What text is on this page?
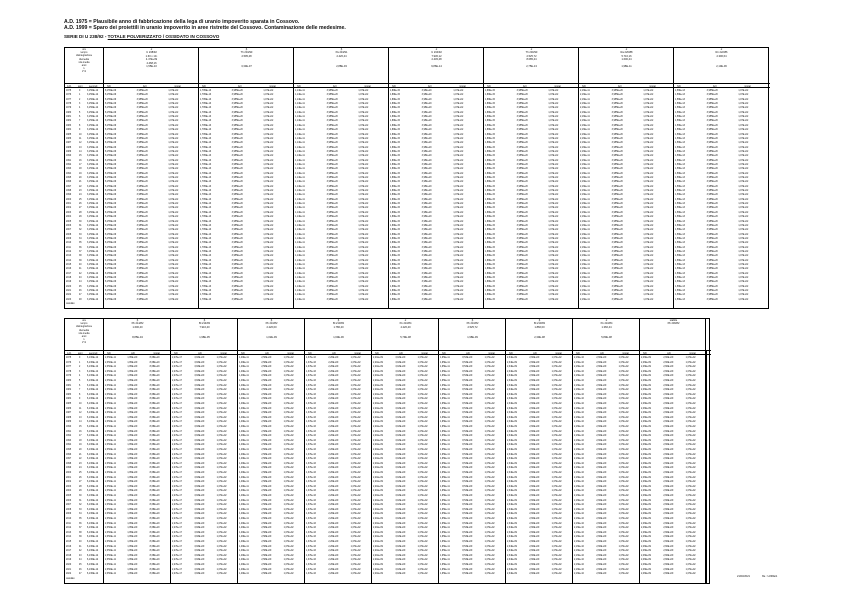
A.D. 1975 = Plausibile anno di fabbricazione della lega di uranio impoverito sparata in Cossovo.
A.D. 1999 = Sparo dei proiettili in uranio impoverito in aree ristrette del Cossovo. Contaminazione delle medesime.
SERIE DI U 238/92 - TOTALE POLVERIZZATO / OSSIDATO IN COSSOVO
ora
tempo
disintegrazione
tdemedia
vita media
anni
λ
n°/1
α
U 238/92
1.60 x 10⁹
4.47E+09
4.468,16
1,55E-10
β
Th 234/90
2.595,48

3,33E-07
β
Pa 234/91
2.426,44

2,88E-03
α
U 234/92
7.936,12
2.445,48

9,86E-14
α
Th 230/90
2.525,72
8.085,44

2,75E-13
α
Ra 226/88
5.716,16
1.600,44

1,98E-11
α
Rn 222/86
2.396,64

2,10E-06
A.D.	anni	secondi	N(t)	A(t)	/Ltotal	N(t)	A(t)	/Ltotal	N(t)	A(t)	/Ltotal	N(t)	A(t)	/Ltotal	N(t)	A(t)	/Ltotal	N(t)	A(t)	/Ltotal	N(t)	A(t)	/Ltotal
1975	0	3,156E+12	8,155E+09	3,955E+20	1,07E+02	1,795E+13	3,955E+20	1,07E+02	1,14E+11	3,955E+20	1,07E+02	1,88E+15	3,95E+20	1,07E+02	1,88E+15	3,955E+20	1,07E+02	2,16E+11	3,955E+20	1,07E+02	1,58E+13	3,955E+20	1,07E+02
1976	1	3,156E+12	8,155E+09	3,955E+20	1,07E+02	1,795E+13	3,955E+20	1,07E+02	1,14E+11	3,955E+20	1,07E+02	1,88E+15	3,95E+20	1,07E+02	1,88E+15	3,955E+20	1,07E+02	2,16E+11	3,955E+20	1,07E+02	1,58E+13	3,955E+20	1,07E+02
1977	2	3,156E+12	8,155E+09	3,955E+20	1,07E+02	1,795E+13	3,955E+20	1,07E+02	1,14E+11	3,955E+20	1,07E+02	1,88E+15	3,95E+20	1,07E+02	1,88E+15	3,955E+20	1,07E+02	2,16E+11	3,955E+20	1,07E+02	1,58E+13	3,955E+20	1,07E+02
1978	3	3,156E+12	8,155E+09	3,955E+20	1,07E+02	1,795E+13	3,955E+20	1,07E+02	1,14E+11	3,955E+20	1,07E+02	1,88E+15	3,95E+20	1,07E+02	1,88E+15	3,955E+20	1,07E+02	2,16E+11	3,955E+20	1,07E+02	1,58E+13	3,955E+20	1,07E+02
1979	4	3,156E+12	8,155E+09	3,955E+20	1,07E+02	1,795E+13	3,955E+20	1,07E+02	1,14E+11	3,955E+20	1,07E+02	1,88E+15	3,95E+20	1,07E+02	1,88E+15	3,955E+20	1,07E+02	2,16E+11	3,955E+20	1,07E+02	1,58E+13	3,955E+20	1,07E+02
1980	5	3,156E+12	8,155E+09	3,955E+20	1,07E+02	1,795E+13	3,955E+20	1,07E+02	1,14E+11	3,955E+20	1,07E+02	1,88E+15	3,95E+20	1,07E+02	1,88E+15	3,955E+20	1,07E+02	2,16E+11	3,955E+20	1,07E+02	1,58E+13	3,955E+20	1,07E+02
1981	6	3,156E+12	8,155E+09	3,955E+20	1,07E+02	1,795E+13	3,955E+20	1,07E+02	1,14E+11	3,955E+20	1,07E+02	1,88E+15	3,95E+20	1,07E+02	1,88E+15	3,955E+20	1,07E+02	2,16E+11	3,955E+20	1,07E+02	1,58E+13	3,955E+20	1,07E+02
1982	7	3,156E+12	8,155E+09	3,955E+20	1,07E+02	1,795E+13	3,955E+20	1,07E+02	1,14E+11	3,955E+20	1,07E+02	1,88E+15	3,95E+20	1,07E+02	1,88E+15	3,955E+20	1,07E+02	2,16E+11	3,955E+20	1,07E+02	1,58E+13	3,955E+20	1,07E+02
1983	8	3,156E+12	8,155E+09	3,955E+20	1,07E+02	1,795E+13	3,955E+20	1,07E+02	1,14E+11	3,955E+20	1,07E+02	1,88E+15	3,95E+20	1,07E+02	1,88E+15	3,955E+20	1,07E+02	2,16E+11	3,955E+20	1,07E+02	1,58E+13	3,955E+20	1,07E+02
1984	9	3,156E+12	8,155E+09	3,955E+20	1,07E+02	1,795E+13	3,955E+20	1,07E+02	1,14E+11	3,955E+20	1,07E+02	1,88E+15	3,95E+20	1,07E+02	1,88E+15	3,955E+20	1,07E+02	2,16E+11	3,955E+20	1,07E+02	1,58E+13	3,955E+20	1,07E+02
1985	10 3,156E+12	8,155E+09	3,955E+20	1,07E+02	1,795E+13	3,955E+20	1,07E+02	1,14E+11	3,955E+20	1,07E+02	1,88E+15	3,95E+20	1,07E+02	1,88E+15	3,955E+20	1,07E+02	2,16E+11	3,955E+20	1,07E+02	1,58E+13	3,955E+20	1,07E+02
1986	11 3,156E+12	8,155E+09	3,955E+20	1,07E+02	1,795E+13	3,955E+20	1,07E+02	1,14E+11	3,955E+20	1,07E+02	1,88E+15	3,95E+20	1,07E+02	1,88E+15	3,955E+20	1,07E+02	2,16E+11	3,955E+20	1,07E+02	1,58E+13	3,955E+20	1,07E+02
1987	12 3,156E+12	8,155E+09	3,955E+20	1,07E+02	1,795E+13	3,955E+20	1,07E+02	1,14E+11	3,955E+20	1,07E+02	1,88E+15	3,95E+20	1,07E+02	1,88E+15	3,955E+20	1,07E+02	2,16E+11	3,955E+20	1,07E+02	1,58E+13	3,955E+20	1,07E+02
1988	13 3,156E+12	8,155E+09	3,955E+20	1,07E+02	1,795E+13	3,955E+20	1,07E+02	1,14E+11	3,955E+20	1,07E+02	1,88E+15	3,95E+20	1,07E+02	1,88E+15	3,955E+20	1,07E+02	2,16E+11	3,955E+20	1,07E+02	1,58E+13	3,955E+20	1,07E+02
1989	14 3,156E+12	8,155E+09	3,955E+20	1,07E+02	1,795E+13	3,955E+20	1,07E+02	1,14E+11	3,955E+20	1,07E+02	1,88E+15	3,95E+20	1,07E+02	1,88E+15	3,955E+20	1,07E+02	2,16E+11	3,955E+20	1,07E+02	1,58E+13	3,955E+20	1,07E+02
1990	15 3,156E+12	8,155E+09	3,955E+20	1,07E+02	1,795E+13	3,955E+20	1,07E+02	1,14E+11	3,955E+20	1,07E+02	1,88E+15	3,95E+20	1,07E+02	1,88E+15	3,955E+20	1,07E+02	2,16E+11	3,955E+20	1,07E+02	1,58E+13	3,955E+20	1,07E+02
1991	16 3,156E+12	8,155E+09	3,955E+20	1,07E+02	1,795E+13	3,955E+20	1,07E+02	1,14E+11	3,955E+20	1,07E+02	1,88E+15	3,95E+20	1,07E+02	1,88E+15	3,955E+20	1,07E+02	2,16E+11	3,955E+20	1,07E+02	1,58E+13	3,955E+20	1,07E+02
1992	17 3,156E+12	8,155E+09	3,955E+20	1,07E+02	1,795E+13	3,955E+20	1,07E+02	1,14E+11	3,955E+20	1,07E+02	1,88E+15	3,95E+20	1,07E+02	1,88E+15	3,955E+20	1,07E+02	2,16E+11	3,955E+20	1,07E+02	1,58E+13	3,955E+20	1,07E+02
1993	18 3,156E+12	8,155E+09	3,955E+20	1,07E+02	1,795E+13	3,955E+20	1,07E+02	1,14E+11	3,955E+20	1,07E+02	1,88E+15	3,95E+20	1,07E+02	1,88E+15	3,955E+20	1,07E+02	2,16E+11	3,955E+20	1,07E+02	1,58E+13	3,955E+20	1,07E+02
1994	19 3,156E+12	8,155E+09	3,955E+20	1,07E+02	1,795E+13	3,955E+20	1,07E+02	1,14E+11	3,955E+20	1,07E+02	1,88E+15	3,95E+20	1,07E+02	1,88E+15	3,955E+20	1,07E+02	2,16E+11	3,955E+20	1,07E+02	1,58E+13	3,955E+20	1,07E+02
1995	20 3,156E+12	8,155E+09	3,955E+20	1,07E+02	1,795E+13	3,955E+20	1,07E+02	1,14E+11	3,955E+20	1,07E+02	1,88E+15	3,95E+20	1,07E+02	1,88E+15	3,955E+20	1,07E+02	2,16E+11	3,955E+20	1,07E+02	1,58E+13	3,955E+20	1,07E+02
1996	21 3,156E+12	8,155E+09	3,955E+20	1,07E+02	1,795E+13	3,955E+20	1,07E+02	1,14E+11	3,955E+20	1,07E+02	1,88E+15	3,95E+20	1,07E+02	1,88E+15	3,955E+20	1,07E+02	2,16E+11	3,955E+20	1,07E+02	1,58E+13	3,955E+20	1,07E+02
1997	22 3,156E+12	8,155E+09	3,955E+20	1,07E+02	1,795E+13	3,955E+20	1,07E+02	1,14E+11	3,955E+20	1,07E+02	1,88E+15	3,95E+20	1,07E+02	1,88E+15	3,955E+20	1,07E+02	2,16E+11	3,955E+20	1,07E+02	1,58E+13	3,955E+20	1,07E+02
1998	23 3,156E+12	8,155E+09	3,955E+20	1,07E+02	1,795E+13	3,955E+20	1,07E+02	1,14E+11	3,955E+20	1,07E+02	1,88E+15	3,95E+20	1,07E+02	1,88E+15	3,955E+20	1,07E+02	2,16E+11	3,955E+20	1,07E+02	1,58E+13	3,955E+20	1,07E+02
1999	24 3,156E+12	8,155E+09	3,955E+20	1,07E+02	1,795E+13	3,955E+20	1,07E+02	1,14E+11	3,955E+20	1,07E+02	1,88E+15	3,95E+20	1,07E+02	1,88E+15	3,955E+20	1,07E+02	2,16E+11	3,955E+20	1,07E+02	1,58E+13	3,955E+20	1,07E+02
2000	25 3,156E+12	8,155E+09	3,955E+20	1,07E+02	1,795E+13	3,955E+20	1,07E+02	1,14E+11	3,955E+20	1,07E+02	1,88E+15	3,95E+20	1,07E+02	1,88E+15	3,955E+20	1,07E+02	2,16E+11	3,955E+20	1,07E+02	1,58E+13	3,955E+20	1,07E+02
2001	26 3,156E+12	8,155E+09	3,955E+20	1,07E+02	1,795E+13	3,955E+20	1,07E+02	1,14E+11	3,955E+20	1,07E+02	1,88E+15	3,95E+20	1,07E+02	1,88E+15	3,955E+20	1,07E+02	2,16E+11	3,955E+20	1,07E+02	1,58E+13	3,955E+20	1,07E+02
2002	27 3,156E+12	8,155E+09	3,955E+20	1,07E+02	1,795E+13	3,955E+20	1,07E+02	1,14E+11	3,955E+20	1,07E+02	1,88E+15	3,95E+20	1,07E+02	1,88E+15	3,955E+20	1,07E+02	2,16E+11	3,955E+20	1,07E+02	1,58E+13	3,955E+20	1,07E+02
2003	28 3,156E+12	8,155E+09	3,955E+20	1,07E+02	1,795E+13	3,955E+20	1,07E+02	1,14E+11	3,955E+20	1,07E+02	1,88E+15	3,95E+20	1,07E+02	1,88E+15	3,955E+20	1,07E+02	2,16E+11	3,955E+20	1,07E+02	1,58E+13	3,955E+20	1,07E+02
2004	29 3,156E+12	8,155E+09	3,955E+20	1,07E+02	1,795E+13	3,955E+20	1,07E+02	1,14E+11	3,955E+20	1,07E+02	1,88E+15	3,95E+20	1,07E+02	1,88E+15	3,955E+20	1,07E+02	2,16E+11	3,955E+20	1,07E+02	1,58E+13	3,955E+20	1,07E+02
2005	30 3,156E+12	8,155E+09	3,955E+20	1,07E+02	1,795E+13	3,955E+20	1,07E+02	1,14E+11	3,955E+20	1,07E+02	1,88E+15	3,95E+20	1,07E+02	1,88E+15	3,955E+20	1,07E+02	2,16E+11	3,955E+20	1,07E+02	1,58E+13	3,955E+20	1,07E+02
2006	31 3,156E+12	8,155E+09	3,955E+20	1,07E+02	1,795E+13	3,955E+20	1,07E+02	1,14E+11	3,955E+20	1,07E+02	1,88E+15	3,95E+20	1,07E+02	1,88E+15	3,955E+20	1,07E+02	2,16E+11	3,955E+20	1,07E+02	1,58E+13	3,955E+20	1,07E+02
2007	32 3,156E+12	8,155E+09	3,955E+20	1,07E+02	1,795E+13	3,955E+20	1,07E+02	1,14E+11	3,955E+20	1,07E+02	1,88E+15	3,95E+20	1,07E+02	1,88E+15	3,955E+20	1,07E+02	2,16E+11	3,955E+20	1,07E+02	1,58E+13	3,955E+20	1,07E+02
2008	33 3,156E+12	8,155E+09	3,955E+20	1,07E+02	1,795E+13	3,955E+20	1,07E+02	1,14E+11	3,955E+20	1,07E+02	1,88E+15	3,95E+20	1,07E+02	1,88E+15	3,955E+20	1,07E+02	2,16E+11	3,955E+20	1,07E+02	1,58E+13	3,955E+20	1,07E+02
2009	34 3,156E+12	8,155E+09	3,955E+20	1,07E+02	1,795E+13	3,955E+20	1,07E+02	1,14E+11	3,955E+20	1,07E+02	1,88E+15	3,95E+20	1,07E+02	1,88E+15	3,955E+20	1,07E+02	2,16E+11	3,955E+20	1,07E+02	1,58E+13	3,955E+20	1,07E+02
2010	35 3,156E+12	8,155E+09	3,955E+20	1,07E+02	1,795E+13	3,955E+20	1,07E+02	1,14E+11	3,955E+20	1,07E+02	1,88E+15	3,95E+20	1,07E+02	1,88E+15	3,955E+20	1,07E+02	2,16E+11	3,955E+20	1,07E+02	1,58E+13	3,955E+20	1,07E+02
2011	36 3,156E+12	8,155E+09	3,955E+20	1,07E+02	1,795E+13	3,955E+20	1,07E+02	1,14E+11	3,955E+20	1,07E+02	1,88E+15	3,95E+20	1,07E+02	1,88E+15	3,955E+20	1,07E+02	2,16E+11	3,955E+20	1,07E+02	1,58E+13	3,955E+20	1,07E+02
2012	37 3,156E+12	8,155E+09	3,955E+20	1,07E+02	1,795E+13	3,955E+20	1,07E+02	1,14E+11	3,955E+20	1,07E+02	1,88E+15	3,95E+20	1,07E+02	1,88E+15	3,955E+20	1,07E+02	2,16E+11	3,955E+20	1,07E+02	1,58E+13	3,955E+20	1,07E+02
2013	38 3,156E+12	8,155E+09	3,955E+20	1,07E+02	1,795E+13	3,955E+20	1,07E+02	1,14E+11	3,955E+20	1,07E+02	1,88E+15	3,95E+20	1,07E+02	1,88E+15	3,955E+20	1,07E+02	2,16E+11	3,955E+20	1,07E+02	1,58E+13	3,955E+20	1,07E+02
2014	39 3,156E+12	8,155E+09	3,955E+20	1,07E+02	1,795E+13	3,955E+20	1,07E+02	1,14E+11	3,955E+20	1,07E+02	1,88E+15	3,95E+20	1,07E+02	1,88E+15	3,955E+20	1,07E+02	2,16E+11	3,955E+20	1,07E+02	1,58E+13	3,955E+20	1,07E+02
2015	40 3,156E+12	8,155E+09	3,955E+20	1,07E+02	1,795E+13	3,955E+20	1,07E+02	1,14E+11	3,955E+20	1,07E+02	1,88E+15	3,95E+20	1,07E+02	1,88E+15	3,955E+20	1,07E+02	2,16E+11	3,955E+20	1,07E+02	1,58E+13	3,955E+20	1,07E+02
2016	41 3,156E+12	8,155E+09	3,955E+20	1,07E+02	1,795E+13	3,955E+20	1,07E+02	1,14E+11	3,955E+20	1,07E+02	1,88E+15	3,95E+20	1,07E+02	1,88E+15	3,955E+20	1,07E+02	2,16E+11	3,955E+20	1,07E+02	1,58E+13	3,955E+20	1,07E+02
2017	42 3,156E+12	8,155E+09	3,955E+20	1,07E+02	1,795E+13	3,955E+20	1,07E+02	1,14E+11	3,955E+20	1,07E+02	1,88E+15	3,95E+20	1,07E+02	1,88E+15	3,955E+20	1,07E+02	2,16E+11	3,955E+20	1,07E+02	1,58E+13	3,955E+20	1,07E+02
2018	43 3,156E+12	8,155E+09	3,955E+20	1,07E+02	1,795E+13	3,955E+20	1,07E+02	1,14E+11	3,955E+20	1,07E+02	1,88E+15	3,95E+20	1,07E+02	1,88E+15	3,955E+20	1,07E+02	2,16E+11	3,955E+20	1,07E+02	1,58E+13	3,955E+20	1,07E+02
2019	44 3,156E+12	8,155E+09	3,955E+20	1,07E+02	1,795E+13	3,955E+20	1,07E+02	1,14E+11	3,955E+20	1,07E+02	1,88E+15	3,95E+20	1,07E+02	1,88E+15	3,955E+20	1,07E+02	2,16E+11	3,955E+20	1,07E+02	1,58E+13	3,955E+20	1,07E+02
2020	45 3,156E+12	8,155E+09	3,955E+20	1,07E+02	1,795E+13	3,955E+20	1,07E+02	1,14E+11	3,955E+20	1,07E+02	1,88E+15	3,95E+20	1,07E+02	1,88E+15	3,955E+20	1,07E+02	2,16E+11	3,955E+20	1,07E+02	1,58E+13	3,955E+20	1,07E+02
2021	46 3,156E+12	8,155E+09	3,955E+20	1,07E+02	1,795E+13	3,955E+20	1,07E+02	1,14E+11	3,955E+20	1,07E+02	1,88E+15	3,95E+20	1,07E+02	1,88E+15	3,955E+20	1,07E+02	2,16E+11	3,955E+20	1,07E+02	1,58E+13	3,955E+20	1,07E+02
2022	47 3,156E+12	8,155E+09	3,955E+20	1,07E+02	1,795E+13	3,955E+20	1,07E+02	1,14E+11	3,955E+20	1,07E+02	1,88E+15	3,95E+20	1,07E+02	1,88E+15	3,955E+20	1,07E+02	2,16E+11	3,955E+20	1,07E+02	1,58E+13	3,955E+20	1,07E+02
2023	48 3,156E+12	8,155E+09	3,955E+20	1,07E+02	1,795E+13	3,955E+20	1,07E+02	1,14E+11	3,955E+20	1,07E+02	1,88E+15	3,95E+20	1,07E+02	1,88E+15	3,955E+20	1,07E+02	2,16E+11	3,955E+20	1,07E+02	1,58E+13	3,955E+20	1,07E+02
ossidato
ora
tempo
disintegrazione
tdemedia
vita media
anni
λ
n°/1
β
Pb 214/82
1.600,40

8,85E-04
β
Bi 214/83
7.916,40

1,98E-05
β
Pb 210/82
2.226,00

1,02E-09
β
Bi 210/83
1.786,40

1,60E-06
α
Po 210/84
4.226,40

5,79E-08
β
Pb 210/82
2.525,72

1,98E-09
β
Bi 210/83
1.866,00

2,30E-08
α
Po 210/84
1.366,44

5,80E-08
stabile
Pb 206/82

A.D.	anni	secondi	N(t)	A(t)	/Ltotal	N(t)	A(t)	/Ltotal	N(t)	A(t)	/Ltotal	N(t)	A(t)	/Ltotal	N(t)	A(t)	/Ltotal	N(t)	A(t)	/Ltotal	N(t)	A(t)	/Ltotal	N(t)	A(t)	/Ltotal	N(t)	A(t)	/Ltotal
1975	0	6,136E+12	2,350E+11	1,95E+09	8,68E+20	2,27E+17	3,93E+09	1,07E+02	1,49E+11	2,58E+09	1,07E+02	1,37E+16	2,26E+09	1,07E+02	2,21E+09	3,18E+09	1,07E+02	1,95E+11	8,53E+09	1,07E+02	2,34E+09	2,66E+09	1,07E+02	2,16E+10	2,66E+09	1,07E+02	2,46E+09	2,66E+09	1,07E+02
1976	1	6,136E+12	2,350E+11	1,95E+09	8,68E+20	2,27E+17	3,93E+09	1,07E+02	1,49E+11	2,58E+09	1,07E+02	1,37E+16	2,26E+09	1,07E+02	2,21E+09	3,18E+09	1,07E+02	1,95E+11	8,53E+09	1,07E+02	2,34E+09	2,66E+09	1,07E+02	2,16E+10	2,66E+09	1,07E+02	2,46E+09	2,66E+09	1,07E+02
1977	2	6,136E+12	2,350E+11	1,95E+09	8,68E+20	2,27E+17	3,93E+09	1,07E+02	1,49E+11	2,58E+09	1,07E+02	1,37E+16	2,26E+09	1,07E+02	2,21E+09	3,18E+09	1,07E+02	1,95E+11	8,53E+09	1,07E+02	2,34E+09	2,66E+09	1,07E+02	2,16E+10	2,66E+09	1,07E+02	2,46E+09	2,66E+09	1,07E+02
1978	3	6,136E+12	2,350E+11	1,95E+09	8,68E+20	2,27E+17	3,93E+09	1,07E+02	1,49E+11	2,58E+09	1,07E+02	1,37E+16	2,26E+09	1,07E+02	2,21E+09	3,18E+09	1,07E+02	1,95E+11	8,53E+09	1,07E+02	2,34E+09	2,66E+09	1,07E+02	2,16E+10	2,66E+09	1,07E+02	2,46E+09	2,66E+09	1,07E+02
1979	4	6,136E+12	2,350E+11	1,95E+09	8,68E+20	2,27E+17	3,93E+09	1,07E+02	1,49E+11	2,58E+09	1,07E+02	1,37E+16	2,26E+09	1,07E+02	2,21E+09	3,18E+09	1,07E+02	1,95E+11	8,53E+09	1,07E+02	2,34E+09	2,66E+09	1,07E+02	2,16E+10	2,66E+09	1,07E+02	2,46E+09	2,66E+09	1,07E+02
1980	5	6,136E+12	2,350E+11	1,95E+09	8,68E+20	2,27E+17	3,93E+09	1,07E+02	1,49E+11	2,58E+09	1,07E+02	1,37E+16	2,26E+09	1,07E+02	2,21E+09	3,18E+09	1,07E+02	1,95E+11	8,53E+09	1,07E+02	2,34E+09	2,66E+09	1,07E+02	2,16E+10	2,66E+09	1,07E+02	2,46E+09	2,66E+09	1,07E+02
1981	6	6,136E+12	2,350E+11	1,95E+09	8,68E+20	2,27E+17	3,93E+09	1,07E+02	1,49E+11	2,58E+09	1,07E+02	1,37E+16	2,26E+09	1,07E+02	2,21E+09	3,18E+09	1,07E+02	1,95E+11	8,53E+09	1,07E+02	2,34E+09	2,66E+09	1,07E+02	2,16E+10	2,66E+09	1,07E+02	2,46E+09	2,66E+09	1,07E+02
1982	7	6,136E+12	2,350E+11	1,95E+09	8,68E+20	2,27E+17	3,93E+09	1,07E+02	1,49E+11	2,58E+09	1,07E+02	1,37E+16	2,26E+09	1,07E+02	2,21E+09	3,18E+09	1,07E+02	1,95E+11	8,53E+09	1,07E+02	2,34E+09	2,66E+09	1,07E+02	2,16E+10	2,66E+09	1,07E+02	2,46E+09	2,66E+09	1,07E+02
1983	8	6,136E+12	2,350E+11	1,95E+09	8,68E+20	2,27E+17	3,93E+09	1,07E+02	1,49E+11	2,58E+09	1,07E+02	1,37E+16	2,26E+09	1,07E+02	2,21E+09	3,18E+09	1,07E+02	1,95E+11	8,53E+09	1,07E+02	2,34E+09	2,66E+09	1,07E+02	2,16E+10	2,66E+09	1,07E+02	2,46E+09	2,66E+09	1,07E+02
1984	9	6,136E+12	2,350E+11	1,95E+09	8,68E+20	2,27E+17	3,93E+09	1,07E+02	1,49E+11	2,58E+09	1,07E+02	1,37E+16	2,26E+09	1,07E+02	2,21E+09	3,18E+09	1,07E+02	1,95E+11	8,53E+09	1,07E+02	2,34E+09	2,66E+09	1,07E+02	2,16E+10	2,66E+09	1,07E+02	2,46E+09	2,66E+09	1,07E+02
1985	10 6,136E+12	2,350E+11	1,95E+09	8,68E+20	2,27E+17	3,93E+09	1,07E+02	1,49E+11	2,58E+09	1,07E+02	1,37E+16	2,26E+09	1,07E+02	2,21E+09	3,18E+09	1,07E+02	1,95E+11	8,53E+09	1,07E+02	2,34E+09	2,66E+09	1,07E+02	2,16E+10	2,66E+09	1,07E+02	2,46E+09	2,66E+09	1,07E+02
1986	11 6,136E+12	2,350E+11	1,95E+09	8,68E+20	2,27E+17	3,93E+09	1,07E+02	1,49E+11	2,58E+09	1,07E+02	1,37E+16	2,26E+09	1,07E+02	2,21E+09	3,18E+09	1,07E+02	1,95E+11	8,53E+09	1,07E+02	2,34E+09	2,66E+09	1,07E+02	2,16E+10	2,66E+09	1,07E+02	2,46E+09	2,66E+09	1,07E+02
1987	12 6,136E+12	2,350E+11	1,95E+09	8,68E+20	2,27E+17	3,93E+09	1,07E+02	1,49E+11	2,58E+09	1,07E+02	1,37E+16	2,26E+09	1,07E+02	2,21E+09	3,18E+09	1,07E+02	1,95E+11	8,53E+09	1,07E+02	2,34E+09	2,66E+09	1,07E+02	2,16E+10	2,66E+09	1,07E+02	2,46E+09	2,66E+09	1,07E+02
1988	13 6,136E+12	2,350E+11	1,95E+09	8,68E+20	2,27E+17	3,93E+09	1,07E+02	1,49E+11	2,58E+09	1,07E+02	1,37E+16	2,26E+09	1,07E+02	2,21E+09	3,18E+09	1,07E+02	1,95E+11	8,53E+09	1,07E+02	2,34E+09	2,66E+09	1,07E+02	2,16E+10	2,66E+09	1,07E+02	2,46E+09	2,66E+09	1,07E+02
1989	14 6,136E+12	2,350E+11	1,95E+09	8,68E+20	2,27E+17	3,93E+09	1,07E+02	1,49E+11	2,58E+09	1,07E+02	1,37E+16	2,26E+09	1,07E+02	2,21E+09	3,18E+09	1,07E+02	1,95E+11	8,53E+09	1,07E+02	2,34E+09	2,66E+09	1,07E+02	2,16E+10	2,66E+09	1,07E+02	2,46E+09	2,66E+09	1,07E+02
1990	15 6,136E+12	2,350E+11	1,95E+09	8,68E+20	2,27E+17	3,93E+09	1,07E+02	1,49E+11	2,58E+09	1,07E+02	1,37E+16	2,26E+09	1,07E+02	2,21E+09	3,18E+09	1,07E+02	1,95E+11	8,53E+09	1,07E+02	2,34E+09	2,66E+09	1,07E+02	2,16E+10	2,66E+09	1,07E+02	2,46E+09	2,66E+09	1,07E+02
1991	16 6,136E+12	2,350E+11	1,95E+09	8,68E+20	2,27E+17	3,93E+09	1,07E+02	1,49E+11	2,58E+09	1,07E+02	1,37E+16	2,26E+09	1,07E+02	2,21E+09	3,18E+09	1,07E+02	1,95E+11	8,53E+09	1,07E+02	2,34E+09	2,66E+09	1,07E+02	2,16E+10	2,66E+09	1,07E+02	2,46E+09	2,66E+09	1,07E+02
1992	17 6,136E+12	2,350E+11	1,95E+09	8,68E+20	2,27E+17	3,93E+09	1,07E+02	1,49E+11	2,58E+09	1,07E+02	1,37E+16	2,26E+09	1,07E+02	2,21E+09	3,18E+09	1,07E+02	1,95E+11	8,53E+09	1,07E+02	2,34E+09	2,66E+09	1,07E+02	2,16E+10	2,66E+09	1,07E+02	2,46E+09	2,66E+09	1,07E+02
1993	18 6,136E+12	2,350E+11	1,95E+09	8,68E+20	2,27E+17	3,93E+09	1,07E+02	1,49E+11	2,58E+09	1,07E+02	1,37E+16	2,26E+09	1,07E+02	2,21E+09	3,18E+09	1,07E+02	1,95E+11	8,53E+09	1,07E+02	2,34E+09	2,66E+09	1,07E+02	2,16E+10	2,66E+09	1,07E+02	2,46E+09	2,66E+09	1,07E+02
1994	19 6,136E+12	2,350E+11	1,95E+09	8,68E+20	2,27E+17	3,93E+09	1,07E+02	1,49E+11	2,58E+09	1,07E+02	1,37E+16	2,26E+09	1,07E+02	2,21E+09	3,18E+09	1,07E+02	1,95E+11	8,53E+09	1,07E+02	2,34E+09	2,66E+09	1,07E+02	2,16E+10	2,66E+09	1,07E+02	2,46E+09	2,66E+09	1,07E+02
1995	20 6,136E+12	2,350E+11	1,95E+09	8,68E+20	2,27E+17	3,93E+09	1,07E+02	1,49E+11	2,58E+09	1,07E+02	1,37E+16	2,26E+09	1,07E+02	2,21E+09	3,18E+09	1,07E+02	1,95E+11	8,53E+09	1,07E+02	2,34E+09	2,66E+09	1,07E+02	2,16E+10	2,66E+09	1,07E+02	2,46E+09	2,66E+09	1,07E+02
1996	21 6,136E+12	2,350E+11	1,95E+09	8,68E+20	2,27E+17	3,93E+09	1,07E+02	1,49E+11	2,58E+09	1,07E+02	1,37E+16	2,26E+09	1,07E+02	2,21E+09	3,18E+09	1,07E+02	1,95E+11	8,53E+09	1,07E+02	2,34E+09	2,66E+09	1,07E+02	2,16E+10	2,66E+09	1,07E+02	2,46E+09	2,66E+09	1,07E+02
1997	22 6,136E+12	2,350E+11	1,95E+09	8,68E+20	2,27E+17	3,93E+09	1,07E+02	1,49E+11	2,58E+09	1,07E+02	1,37E+16	2,26E+09	1,07E+02	2,21E+09	3,18E+09	1,07E+02	1,95E+11	8,53E+09	1,07E+02	2,34E+09	2,66E+09	1,07E+02	2,16E+10	2,66E+09	1,07E+02	2,46E+09	2,66E+09	1,07E+02
1998	23 6,136E+12	2,350E+11	1,95E+09	8,68E+20	2,27E+17	3,93E+09	1,07E+02	1,49E+11	2,58E+09	1,07E+02	1,37E+16	2,26E+09	1,07E+02	2,21E+09	3,18E+09	1,07E+02	1,95E+11	8,53E+09	1,07E+02	2,34E+09	2,66E+09	1,07E+02	2,16E+10	2,66E+09	1,07E+02	2,46E+09	2,66E+09	1,07E+02
1999	24 6,136E+12	2,350E+11	1,95E+09	8,68E+20	2,27E+17	3,93E+09	1,07E+02	1,49E+11	2,58E+09	1,07E+02	1,37E+16	2,26E+09	1,07E+02	2,21E+09	3,18E+09	1,07E+02	1,95E+11	8,53E+09	1,07E+02	2,34E+09	2,66E+09	1,07E+02	2,16E+10	2,66E+09	1,07E+02	2,46E+09	2,66E+09	1,07E+02
2000	25 6,136E+12	2,350E+11	1,95E+09	8,68E+20	2,27E+17	3,93E+09	1,07E+02	1,49E+11	2,58E+09	1,07E+02	1,37E+16	2,26E+09	1,07E+02	2,21E+09	3,18E+09	1,07E+02	1,95E+11	8,53E+09	1,07E+02	2,34E+09	2,66E+09	1,07E+02	2,16E+10	2,66E+09	1,07E+02	2,46E+09	2,66E+09	1,07E+02
2001	26 6,136E+12	2,350E+11	1,95E+09	8,68E+20	2,27E+17	3,93E+09	1,07E+02	1,49E+11	2,58E+09	1,07E+02	1,37E+16	2,26E+09	1,07E+02	2,21E+09	3,18E+09	1,07E+02	1,95E+11	8,53E+09	1,07E+02	2,34E+09	2,66E+09	1,07E+02	2,16E+10	2,66E+09	1,07E+02	2,46E+09	2,66E+09	1,07E+02
2002	27 6,136E+12	2,350E+11	1,95E+09	8,68E+20	2,27E+17	3,93E+09	1,07E+02	1,49E+11	2,58E+09	1,07E+02	1,37E+16	2,26E+09	1,07E+02	2,21E+09	3,18E+09	1,07E+02	1,95E+11	8,53E+09	1,07E+02	2,34E+09	2,66E+09	1,07E+02	2,16E+10	2,66E+09	1,07E+02	2,46E+09	2,66E+09	1,07E+02
2003	28 6,136E+12	2,350E+11	1,95E+09	8,68E+20	2,27E+17	3,93E+09	1,07E+02	1,49E+11	2,58E+09	1,07E+02	1,37E+16	2,26E+09	1,07E+02	2,21E+09	3,18E+09	1,07E+02	1,95E+11	8,53E+09	1,07E+02	2,34E+09	2,66E+09	1,07E+02	2,16E+10	2,66E+09	1,07E+02	2,46E+09	2,66E+09	1,07E+02
2004	29 6,136E+12	2,350E+11	1,95E+09	8,68E+20	2,27E+17	3,93E+09	1,07E+02	1,49E+11	2,58E+09	1,07E+02	1,37E+16	2,26E+09	1,07E+02	2,21E+09	3,18E+09	1,07E+02	1,95E+11	8,53E+09	1,07E+02	2,34E+09	2,66E+09	1,07E+02	2,16E+10	2,66E+09	1,07E+02	2,46E+09	2,66E+09	1,07E+02
2005	30 6,136E+12	2,350E+11	1,95E+09	8,68E+20	2,27E+17	3,93E+09	1,07E+02	1,49E+11	2,58E+09	1,07E+02	1,37E+16	2,26E+09	1,07E+02	2,21E+09	3,18E+09	1,07E+02	1,95E+11	8,53E+09	1,07E+02	2,34E+09	2,66E+09	1,07E+02	2,16E+10	2,66E+09	1,07E+02	2,46E+09	2,66E+09	1,07E+02
2006	31 6,136E+12	2,350E+11	1,95E+09	8,68E+20	2,27E+17	3,93E+09	1,07E+02	1,49E+11	2,58E+09	1,07E+02	1,37E+16	2,26E+09	1,07E+02	2,21E+09	3,18E+09	1,07E+02	1,95E+11	8,53E+09	1,07E+02	2,34E+09	2,66E+09	1,07E+02	2,16E+10	2,66E+09	1,07E+02	2,46E+09	2,66E+09	1,07E+02
2007	32 6,136E+12	2,350E+11	1,95E+09	8,68E+20	2,27E+17	3,93E+09	1,07E+02	1,49E+11	2,58E+09	1,07E+02	1,37E+16	2,26E+09	1,07E+02	2,21E+09	3,18E+09	1,07E+02	1,95E+11	8,53E+09	1,07E+02	2,34E+09	2,66E+09	1,07E+02	2,16E+10	2,66E+09	1,07E+02	2,46E+09	2,66E+09	1,07E+02
2008	33 6,136E+12	2,350E+11	1,95E+09	8,68E+20	2,27E+17	3,93E+09	1,07E+02	1,49E+11	2,58E+09	1,07E+02	1,37E+16	2,26E+09	1,07E+02	2,21E+09	3,18E+09	1,07E+02	1,95E+11	8,53E+09	1,07E+02	2,34E+09	2,66E+09	1,07E+02	2,16E+10	2,66E+09	1,07E+02	2,46E+09	2,66E+09	1,07E+02
2009	34 6,136E+12	2,350E+11	1,95E+09	8,68E+20	2,27E+17	3,93E+09	1,07E+02	1,49E+11	2,58E+09	1,07E+02	1,37E+16	2,26E+09	1,07E+02	2,21E+09	3,18E+09	1,07E+02	1,95E+11	8,53E+09	1,07E+02	2,34E+09	2,66E+09	1,07E+02	2,16E+10	2,66E+09	1,07E+02	2,46E+09	2,66E+09	1,07E+02
2010	35 6,136E+12	2,350E+11	1,95E+09	8,68E+20	2,27E+17	3,93E+09	1,07E+02	1,49E+11	2,58E+09	1,07E+02	1,37E+16	2,26E+09	1,07E+02	2,21E+09	3,18E+09	1,07E+02	1,95E+11	8,53E+09	1,07E+02	2,34E+09	2,66E+09	1,07E+02	2,16E+10	2,66E+09	1,07E+02	2,46E+09	2,66E+09	1,07E+02
2011	36 6,136E+12	2,350E+11	1,95E+09	8,68E+20	2,27E+17	3,93E+09	1,07E+02	1,49E+11	2,58E+09	1,07E+02	1,37E+16	2,26E+09	1,07E+02	2,21E+09	3,18E+09	1,07E+02	1,95E+11	8,53E+09	1,07E+02	2,34E+09	2,66E+09	1,07E+02	2,16E+10	2,66E+09	1,07E+02	2,46E+09	2,66E+09	1,07E+02
2012	37 6,136E+12	2,350E+11	1,95E+09	8,68E+20	2,27E+17	3,93E+09	1,07E+02	1,49E+11	2,58E+09	1,07E+02	1,37E+16	2,26E+09	1,07E+02	2,21E+09	3,18E+09	1,07E+02	1,95E+11	8,53E+09	1,07E+02	2,34E+09	2,66E+09	1,07E+02	2,16E+10	2,66E+09	1,07E+02	2,46E+09	2,66E+09	1,07E+02
2013	38 6,136E+12	2,350E+11	1,95E+09	8,68E+20	2,27E+17	3,93E+09	1,07E+02	1,49E+11	2,58E+09	1,07E+02	1,37E+16	2,26E+09	1,07E+02	2,21E+09	3,18E+09	1,07E+02	1,95E+11	8,53E+09	1,07E+02	2,34E+09	2,66E+09	1,07E+02	2,16E+10	2,66E+09	1,07E+02	2,46E+09	2,66E+09	1,07E+02
2014	39 6,136E+12	2,350E+11	1,95E+09	8,68E+20	2,27E+17	3,93E+09	1,07E+02	1,49E+11	2,58E+09	1,07E+02	1,37E+16	2,26E+09	1,07E+02	2,21E+09	3,18E+09	1,07E+02	1,95E+11	8,53E+09	1,07E+02	2,34E+09	2,66E+09	1,07E+02	2,16E+10	2,66E+09	1,07E+02	2,46E+09	2,66E+09	1,07E+02
2015	40 6,136E+12	2,350E+11	1,95E+09	8,68E+20	2,27E+17	3,93E+09	1,07E+02	1,49E+11	2,58E+09	1,07E+02	1,37E+16	2,26E+09	1,07E+02	2,21E+09	3,18E+09	1,07E+02	1,95E+11	8,53E+09	1,07E+02	2,34E+09	2,66E+09	1,07E+02	2,16E+10	2,66E+09	1,07E+02	2,46E+09	2,66E+09	1,07E+02
2016	41 6,136E+12	2,350E+11	1,95E+09	8,68E+20	2,27E+17	3,93E+09	1,07E+02	1,49E+11	2,58E+09	1,07E+02	1,37E+16	2,26E+09	1,07E+02	2,21E+09	3,18E+09	1,07E+02	1,95E+11	8,53E+09	1,07E+02	2,34E+09	2,66E+09	1,07E+02	2,16E+10	2,66E+09	1,07E+02	2,46E+09	2,66E+09	1,07E+02
2017	42 6,136E+12	2,350E+11	1,95E+09	8,68E+20	2,27E+17	3,93E+09	1,07E+02	1,49E+11	2,58E+09	1,07E+02	1,37E+16	2,26E+09	1,07E+02	2,21E+09	3,18E+09	1,07E+02	1,95E+11	8,53E+09	1,07E+02	2,34E+09	2,66E+09	1,07E+02	2,16E+10	2,66E+09	1,07E+02	2,46E+09	2,66E+09	1,07E+02
2018	43 6,136E+12	2,350E+11	1,95E+09	8,68E+20	2,27E+17	3,93E+09	1,07E+02	1,49E+11	2,58E+09	1,07E+02	1,37E+16	2,26E+09	1,07E+02	2,21E+09	3,18E+09	1,07E+02	1,95E+11	8,53E+09	1,07E+02	2,34E+09	2,66E+09	1,07E+02	2,16E+10	2,66E+09	1,07E+02	2,46E+09	2,66E+09	1,07E+02
2019	44 6,136E+12	2,350E+11	1,95E+09	8,68E+20	2,27E+17	3,93E+09	1,07E+02	1,49E+11	2,58E+09	1,07E+02	1,37E+16	2,26E+09	1,07E+02	2,21E+09	3,18E+09	1,07E+02	1,95E+11	8,53E+09	1,07E+02	2,34E+09	2,66E+09	1,07E+02	2,16E+10	2,66E+09	1,07E+02	2,46E+09	2,66E+09	1,07E+02
2020	45 6,136E+12	2,350E+11	1,95E+09	8,68E+20	2,27E+17	3,93E+09	1,07E+02	1,49E+11	2,58E+09	1,07E+02	1,37E+16	2,26E+09	1,07E+02	2,21E+09	3,18E+09	1,07E+02	1,95E+11	8,53E+09	1,07E+02	2,34E+09	2,66E+09	1,07E+02	2,16E+10	2,66E+09	1,07E+02	2,46E+09	2,66E+09	1,07E+02
2021	46 6,136E+12	2,350E+11	1,95E+09	8,68E+20	2,27E+17	3,93E+09	1,07E+02	1,49E+11	2,58E+09	1,07E+02	1,37E+16	2,26E+09	1,07E+02	2,21E+09	3,18E+09	1,07E+02	1,95E+11	8,53E+09	1,07E+02	2,34E+09	2,66E+09	1,07E+02	2,16E+10	2,66E+09	1,07E+02	2,46E+09	2,66E+09	1,07E+02
2022	47 6,136E+12	2,350E+11	1,95E+09	8,68E+20	2,27E+17	3,93E+09	1,07E+02	1,49E+11	2,58E+09	1,07E+02	1,37E+16	2,26E+09	1,07E+02	2,21E+09	3,18E+09	1,07E+02	1,95E+11	8,53E+09	1,07E+02	2,34E+09	2,66E+09	1,07E+02	2,16E+10	2,66E+09	1,07E+02	2,46E+09	2,66E+09	1,07E+02
ossidato
21/03/2021	file : U238at1
